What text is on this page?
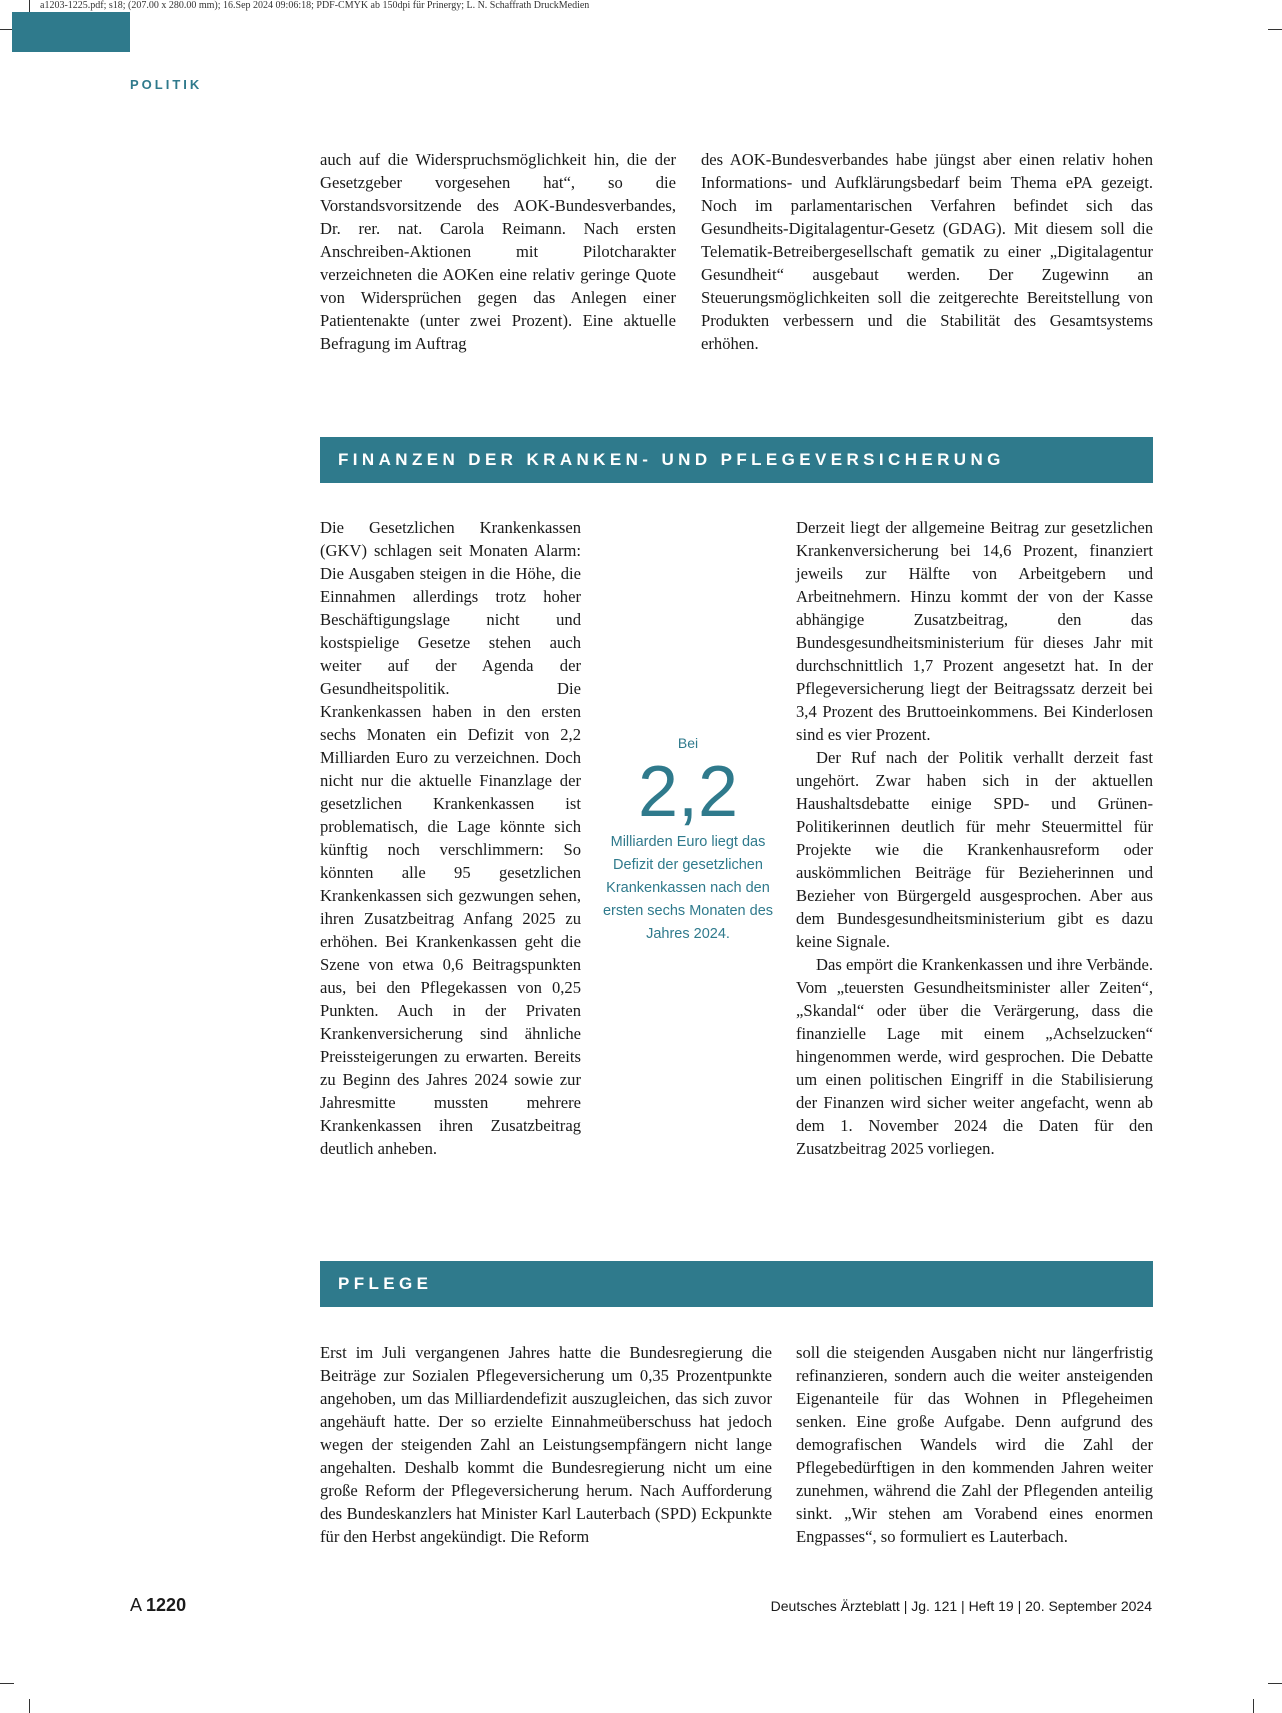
a1203-1225.pdf; s18; (207.00 x 280.00 mm); 16.Sep 2024 09:06:18; PDF-CMYK ab 150dpi für Prinergy; L. N. Schaffrath DruckMedien
POLITIK

auch auf die Widerspruchsmöglichkeit hin, die der Gesetzgeber vorgesehen hat“, so die Vorstandsvorsitzende des AOK-Bundesverbandes, Dr. rer. nat. Carola Reimann. Nach ersten Anschreiben-Aktionen mit Pilotcharakter verzeichneten die AOKen eine relativ geringe Quote von Widersprüchen gegen das Anlegen einer Patientenakte (unter zwei Prozent). Eine aktuelle Befragung im Auftrag

des AOK-Bundesverbandes habe jüngst aber einen relativ hohen Informations- und Aufklärungsbedarf beim Thema ePA gezeigt. Noch im parlamentarischen Verfahren befindet sich das Gesundheits-Digitalagentur-Gesetz (GDAG). Mit diesem soll die Telematik-Betreibergesellschaft gematik zu einer „Digitalagentur Gesundheit“ ausgebaut werden. Der Zugewinn an Steuerungsmöglichkeiten soll die zeitgerechte Bereitstellung von Produkten verbessern und die Stabilität des Gesamtsystems erhöhen.

FINANZEN DER KRANKEN- UND PFLEGEVERSICHERUNG

Die Gesetzlichen Krankenkassen (GKV) schlagen seit Monaten Alarm: Die Ausgaben steigen in die Höhe, die Einnahmen allerdings trotz hoher Beschäftigungslage nicht und kostspielige Gesetze stehen auch weiter auf der Agenda der Gesundheitspolitik. Die Krankenkassen haben in den ersten sechs Monaten ein Defizit von 2,2 Milliarden Euro zu verzeichnen. Doch nicht nur die aktuelle Finanzlage der gesetzlichen Krankenkassen ist problematisch, die Lage könnte sich künftig noch verschlimmern: So könnten alle 95 gesetzlichen Krankenkassen sich gezwungen sehen, ihren Zusatzbeitrag Anfang 2025 zu erhöhen. Bei Krankenkassen geht die Szene von etwa 0,6 Beitragspunkten aus, bei den Pflegekassen von 0,25 Punkten. Auch in der Privaten Krankenversicherung sind ähnliche Preissteigerungen zu erwarten. Bereits zu Beginn des Jahres 2024 sowie zur Jahresmitte mussten mehrere Krankenkassen ihren Zusatzbeitrag deutlich anheben.

Bei
2,2
Milliarden Euro liegt das Defizit der gesetzlichen Krankenkassen nach den ersten sechs Monaten des Jahres 2024.

Derzeit liegt der allgemeine Beitrag zur gesetzlichen Krankenversicherung bei 14,6 Prozent, finanziert jeweils zur Hälfte von Arbeitgebern und Arbeitnehmern. Hinzu kommt der von der Kasse abhängige Zusatzbeitrag, den das Bundesgesundheitsministerium für dieses Jahr mit durchschnittlich 1,7 Prozent angesetzt hat. In der Pflegeversicherung liegt der Beitragssatz derzeit bei 3,4 Prozent des Bruttoeinkommens. Bei Kinderlosen sind es vier Prozent.

Der Ruf nach der Politik verhallt derzeit fast ungehört. Zwar haben sich in der aktuellen Haushaltsdebatte einige SPD- und Grünen-Politikerinnen deutlich für mehr Steuermittel für Projekte wie die Krankenhausreform oder auskömmlichen Beiträge für Bezieherinnen und Bezieher von Bürgergeld ausgesprochen. Aber aus dem Bundesgesundheitsministerium gibt es dazu keine Signale.

Das empört die Krankenkassen und ihre Verbände. Vom „teuersten Gesundheitsminister aller Zeiten“, „Skandal“ oder über die Verärgerung, dass die finanzielle Lage mit einem „Achselzucken“ hingenommen werde, wird gesprochen. Die Debatte um einen politischen Eingriff in die Stabilisierung der Finanzen wird sicher weiter angefacht, wenn ab dem 1. November 2024 die Daten für den Zusatzbeitrag 2025 vorliegen.

PFLEGE

Erst im Juli vergangenen Jahres hatte die Bundesregierung die Beiträge zur Sozialen Pflegeversicherung um 0,35 Prozentpunkte angehoben, um das Milliardendefizit auszugleichen, das sich zuvor angehäuft hatte. Der so erzielte Einnahmeüberschuss hat jedoch wegen der steigenden Zahl an Leistungsempfängern nicht lange angehalten. Deshalb kommt die Bundesregierung nicht um eine große Reform der Pflegeversicherung herum. Nach Aufforderung des Bundeskanzlers hat Minister Karl Lauterbach (SPD) Eckpunkte für den Herbst angekündigt. Die Reform

soll die steigenden Ausgaben nicht nur längerfristig refinanzieren, sondern auch die weiter ansteigenden Eigenanteile für das Wohnen in Pflegeheimen senken. Eine große Aufgabe. Denn aufgrund des demografischen Wandels wird die Zahl der Pflegebedürftigen in den kommenden Jahren weiter zunehmen, während die Zahl der Pflegenden anteilig sinkt. „Wir stehen am Vorabend eines enormen Engpasses“, so formuliert es Lauterbach.

A 1220	Deutsches Ärzteblatt | Jg. 121 | Heft 19 | 20. September 2024
